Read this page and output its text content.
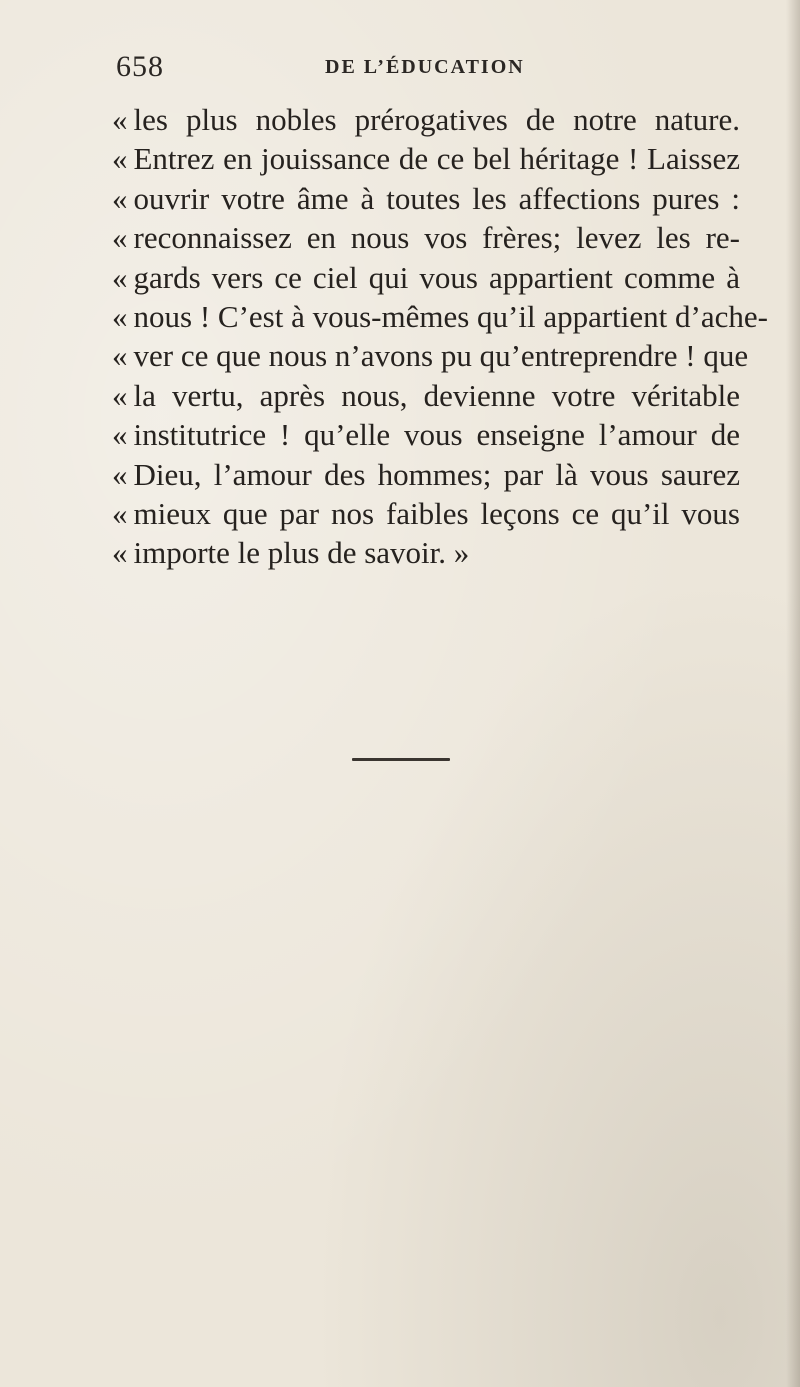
658	DE L’ÉDUCATION
« les plus nobles prérogatives de notre nature.
« Entrez en jouissance de ce bel héritage ! Laissez
« ouvrir votre âme à toutes les affections pures :
« reconnaissez en nous vos frères; levez les re-
« gards vers ce ciel qui vous appartient comme à
« nous ! C’est à vous-mêmes qu’il appartient d’ache-
« ver ce que nous n’avons pu qu’entreprendre ! que
« la vertu, après nous, devienne votre véritable
« institutrice ! qu’elle vous enseigne l’amour de
« Dieu, l’amour des hommes; par là vous saurez
« mieux que par nos faibles leçons ce qu’il vous
« importe le plus de savoir. »
